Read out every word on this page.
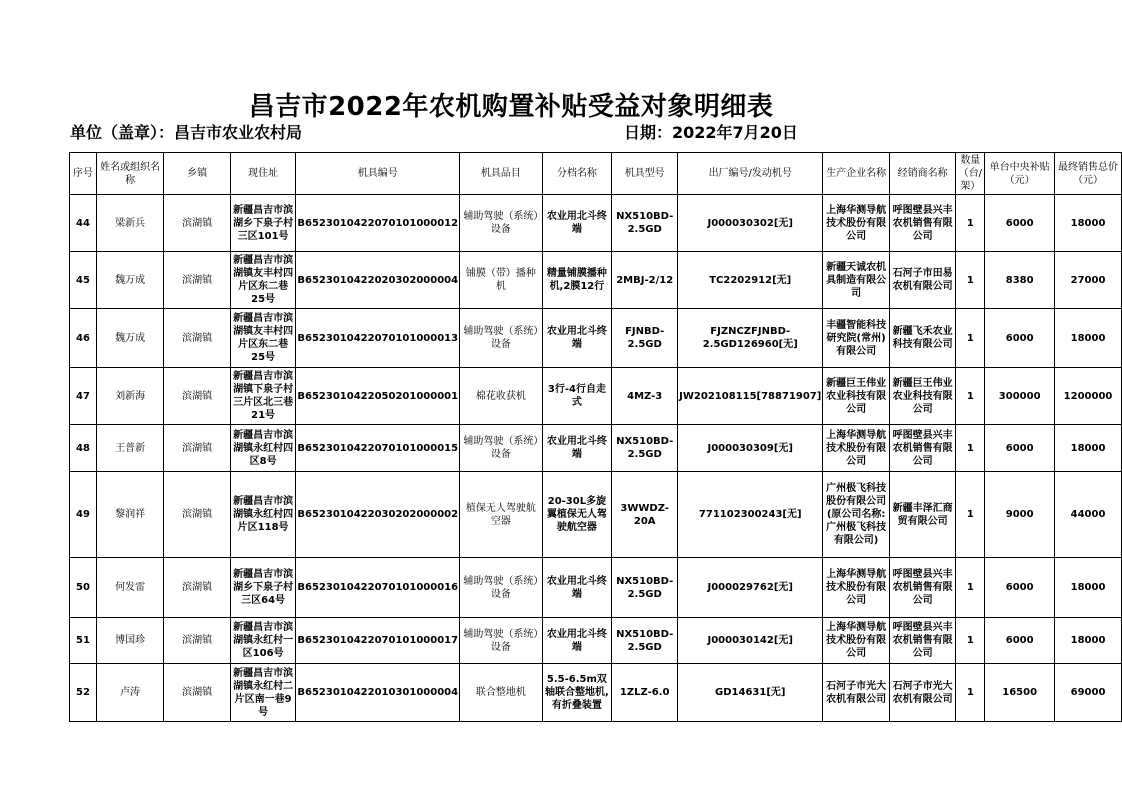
昌吉市2022年农机购置补贴受益对象明细表
单位（盖章）：昌吉市农业农村局	日期：2022年7月20日
序号	姓名或组织名称	乡镇	现住址	机具编号	机具品目	分档名称	机具型号	出厂编号/发动机号	生产企业名称	经销商名称	数量（台/架）	单台中央补贴（元）	最终销售总价（元）
44	梁新兵	滨湖镇	新疆昌吉市滨湖乡下泉子村三区101号	B6523010422070101000012	辅助驾驶（系统）设备	农业用北斗终端	NX510BD-2.5GD	J000030302[无]	上海华测导航技术股份有限公司	呼图壁县兴丰农机销售有限公司	1	6000	18000
45	魏万成	滨湖镇	新疆昌吉市滨湖镇友丰村四片区东二巷25号	B6523010422020302000004	铺膜（带）播种机	精量铺膜播种机,2膜12行	2MBJ-2/12	TC2202912[无]	新疆天诚农机具制造有限公司	石河子市田易农机有限公司	1	8380	27000
46	魏万成	滨湖镇	新疆昌吉市滨湖镇友丰村四片区东二巷25号	B6523010422070101000013	辅助驾驶（系统）设备	农业用北斗终端	FJNBD-2.5GD	FJZNCZFJNBD-2.5GD126960[无]	丰疆智能科技研究院(常州)有限公司	新疆飞禾农业科技有限公司	1	6000	18000
47	刘新海	滨湖镇	新疆昌吉市滨湖镇下泉子村三片区北三巷21号	B6523010422050201000001	棉花收获机	3行-4行自走式	4MZ-3	JW202108115[78871907]	新疆巨王伟业农业科技有限公司	新疆巨王伟业农业科技有限公司	1	300000	1200000
48	王普新	滨湖镇	新疆昌吉市滨湖镇永红村四区8号	B6523010422070101000015	辅助驾驶（系统）设备	农业用北斗终端	NX510BD-2.5GD	J000030309[无]	上海华测导航技术股份有限公司	呼图壁县兴丰农机销售有限公司	1	6000	18000
49	黎润祥	滨湖镇	新疆昌吉市滨湖镇永红村四片区118号	B6523010422030202000002	植保无人驾驶航空器	20-30L多旋翼植保无人驾驶航空器	3WWDZ-20A	771102300243[无]	广州极飞科技股份有限公司(原公司名称:广州极飞科技有限公司)	新疆丰泽汇商贸有限公司	1	9000	44000
50	何发雷	滨湖镇	新疆昌吉市滨湖乡下泉子村三区64号	B6523010422070101000016	辅助驾驶（系统）设备	农业用北斗终端	NX510BD-2.5GD	J000029762[无]	上海华测导航技术股份有限公司	呼图壁县兴丰农机销售有限公司	1	6000	18000
51	博国珍	滨湖镇	新疆昌吉市滨湖镇永红村一区106号	B6523010422070101000017	辅助驾驶（系统）设备	农业用北斗终端	NX510BD-2.5GD	J000030142[无]	上海华测导航技术股份有限公司	呼图壁县兴丰农机销售有限公司	1	6000	18000
52	卢涛	滨湖镇	新疆昌吉市滨湖镇永红村二片区南一巷9号	B6523010422010301000004	联合整地机	5.5-6.5m双轴联合整地机,有折叠装置	1ZLZ-6.0	GD14631[无]	石河子市光大农机有限公司	石河子市光大农机有限公司	1	16500	69000
